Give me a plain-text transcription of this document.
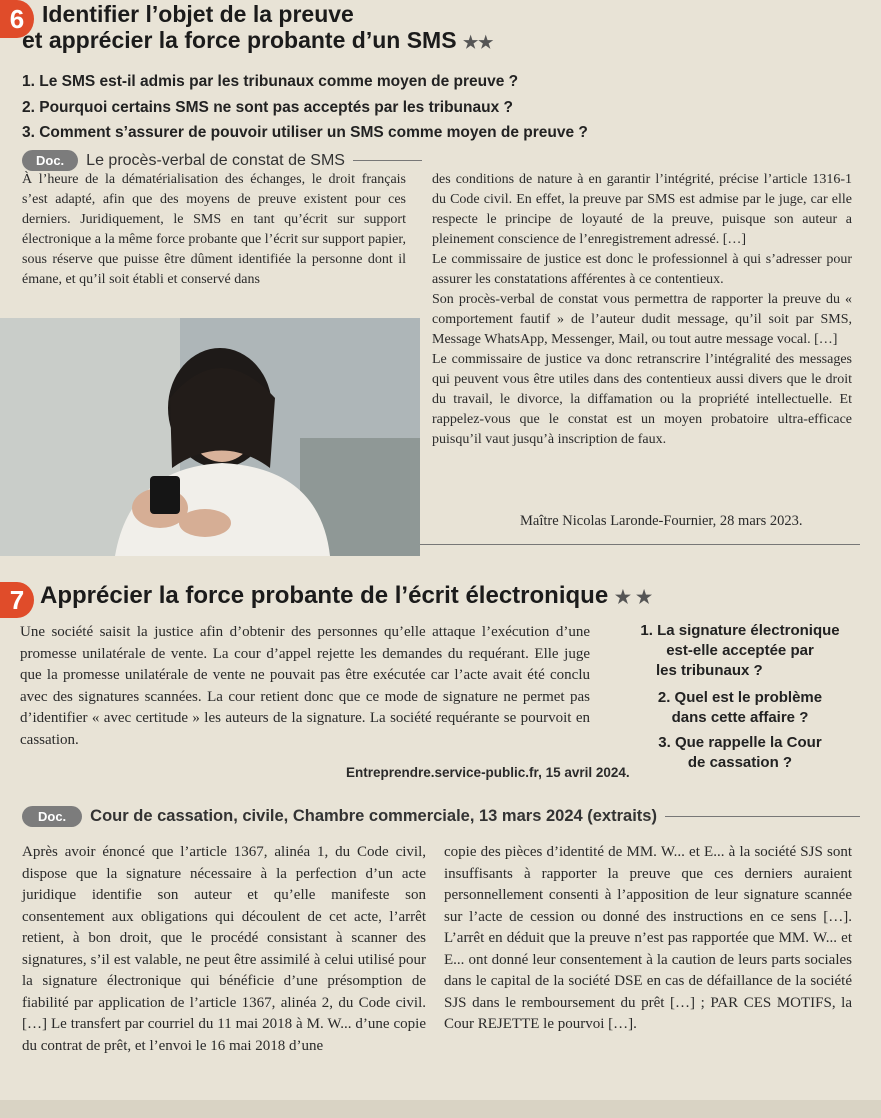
6 Identifier l’objet de la preuve
et apprécier la force probante d’un SMS ★★
1. Le SMS est-il admis par les tribunaux comme moyen de preuve ?
2. Pourquoi certains SMS ne sont pas acceptés par les tribunaux ?
3. Comment s’assurer de pouvoir utiliser un SMS comme moyen de preuve ?
Doc.	Le procès-verbal de constat de SMS

À l’heure de la dématérialisation des échanges, le droit français s’est adapté, afin que des moyens de preuve existent pour ces derniers. Juridiquement, le SMS en tant qu’écrit sur support électronique a la même force probante que l’écrit sur support papier, sous réserve que puisse être dûment identifiée la personne dont il émane, et qu’il soit établi et conservé dans

des conditions de nature à en garantir l’intégrité, précise l’article 1316-1 du Code civil. En effet, la preuve par SMS est admise par le juge, car elle respecte le principe de loyauté de la preuve, puisque son auteur a pleinement conscience de l’enregistrement adressé. […]

Le commissaire de justice est donc le professionnel à qui s’adresser pour assurer les constatations afférentes à ce contentieux.

Son procès-verbal de constat vous permettra de rapporter la preuve du « comportement fautif » de l’auteur dudit message, qu’il soit par SMS, Message WhatsApp, Messenger, Mail, ou tout autre message vocal. […]

Le commissaire de justice va donc retranscrire l’intégralité des messages qui peuvent vous être utiles dans des contentieux aussi divers que le droit du travail, le divorce, la diffamation ou la propriété intellectuelle. Et rappelez-vous que le constat est un moyen probatoire ultra-efficace puisqu’il vaut jusqu’à inscription de faux.

Maître Nicolas Laronde-Fournier, 28 mars 2023.
7 Apprécier la force probante de l’écrit électronique ★ ★

Une société saisit la justice afin d’obtenir des personnes qu’elle attaque l’exécution d’une promesse unilatérale de vente. La cour d’appel rejette les demandes du requérant. Elle juge que la promesse unilatérale de vente ne pouvait pas être exécutée car l’acte avait été conclu avec des signatures scannées. La cour retient donc que ce mode de signature ne permet pas d’identifier « avec certitude » les auteurs de la signature. La société requérante se pourvoit en cassation.

Entreprendre.service-public.fr, 15 avril 2024.
1. La signature électronique
est-elle acceptée par
les tribunaux ?
2. Quel est le problème
dans cette affaire ?
3. Que rappelle la Cour
de cassation ?
Doc.	Cour de cassation, civile, Chambre commerciale, 13 mars 2024 (extraits)

Après avoir énoncé que l’article 1367, alinéa 1, du Code civil, dispose que la signature nécessaire à la perfection d’un acte juridique identifie son auteur et qu’elle manifeste son consentement aux obligations qui découlent de cet acte, l’arrêt retient, à bon droit, que le procédé consistant à scanner des signatures, s’il est valable, ne peut être assimilé à celui utilisé pour la signature électronique qui bénéficie d’une présomption de fiabilité par application de l’article 1367, alinéa 2, du Code civil. […] Le transfert par courriel du 11 mai 2018 à M. W... d’une copie du contrat de prêt, et l’envoi le 16 mai 2018 d’une

copie des pièces d’identité de MM. W... et E... à la société SJS sont insuffisants à rapporter la preuve que ces derniers auraient personnellement consenti à l’apposition de leur signature scannée sur l’acte de cession ou donné des instructions en ce sens […]. L’arrêt en déduit que la preuve n’est pas rapportée que MM. W... et E... ont donné leur consentement à la caution de leurs parts sociales dans le capital de la société DSE en cas de défaillance de la société SJS dans le remboursement du prêt […] ; PAR CES MOTIFS, la Cour REJETTE le pourvoi […].
